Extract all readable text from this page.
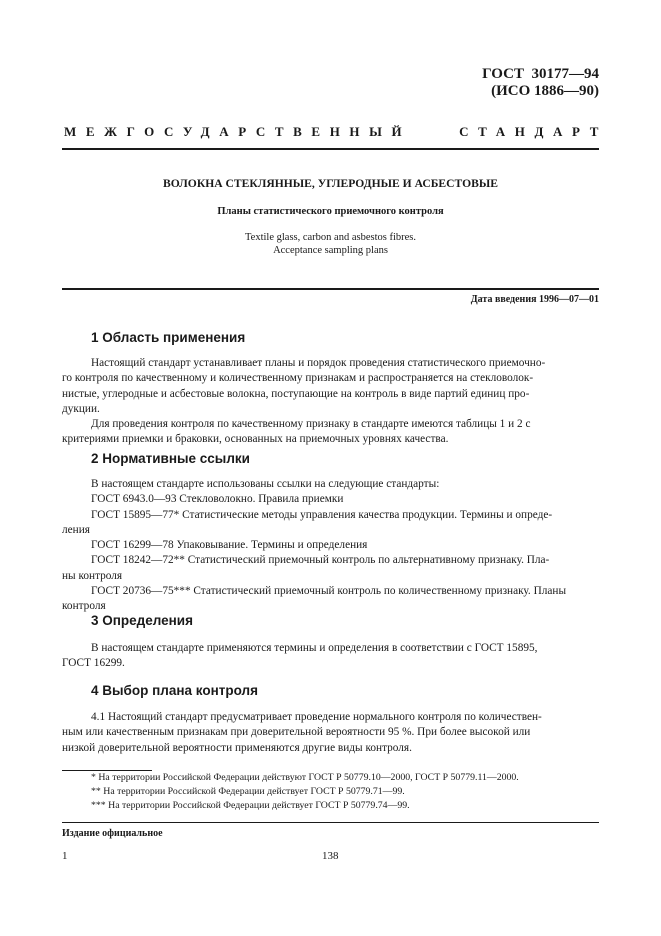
ГОСТ  30177—94
(ИСО 1886—90)
МЕЖГОСУДАРСТВЕННЫЙ	СТАНДАРТ
ВОЛОКНА СТЕКЛЯННЫЕ, УГЛЕРОДНЫЕ И АСБЕСТОВЫЕ
Планы статистического приемочного контроля
Textile glass, carbon and asbestos fibres.
Acceptance sampling plans
Дата введения 1996—07—01
1 Область применения
Настоящий стандарт устанавливает планы и порядок проведения статистического приемочно-
го контроля по качественному и количественному признакам и распространяется на стекловолок-
нистые, углеродные и асбестовые волокна, поступающие на контроль в виде партий единиц про-
дукции.
Для проведения контроля по качественному признаку в стандарте имеются таблицы 1 и 2 с
критериями приемки и браковки, основанных на приемочных уровнях качества.
2 Нормативные ссылки
В настоящем стандарте использованы ссылки на следующие стандарты:
ГОСТ 6943.0—93 Стекловолокно. Правила приемки
ГОСТ 15895—77* Статистические методы управления качества продукции. Термины и опреде-
ления
ГОСТ 16299—78 Упаковывание. Термины и определения
ГОСТ 18242—72** Статистический приемочный контроль по альтернативному признаку. Пла-
ны контроля
ГОСТ 20736—75*** Статистический приемочный контроль по количественному признаку. Планы
контроля
3 Определения
В настоящем стандарте применяются термины и определения в соответствии с ГОСТ 15895,
ГОСТ 16299.
4 Выбор плана контроля
4.1 Настоящий стандарт предусматривает проведение нормального контроля по количествен-
ным или качественным признакам при доверительной вероятности 95 %. При более высокой или
низкой доверительной вероятности применяются другие виды контроля.
* На территории Российской Федерации действуют ГОСТ Р 50779.10—2000, ГОСТ Р 50779.11—2000.
** На территории Российской Федерации действует ГОСТ Р 50779.71—99.
*** На территории Российской Федерации действует ГОСТ Р 50779.74—99.
Издание официальное
1	138
